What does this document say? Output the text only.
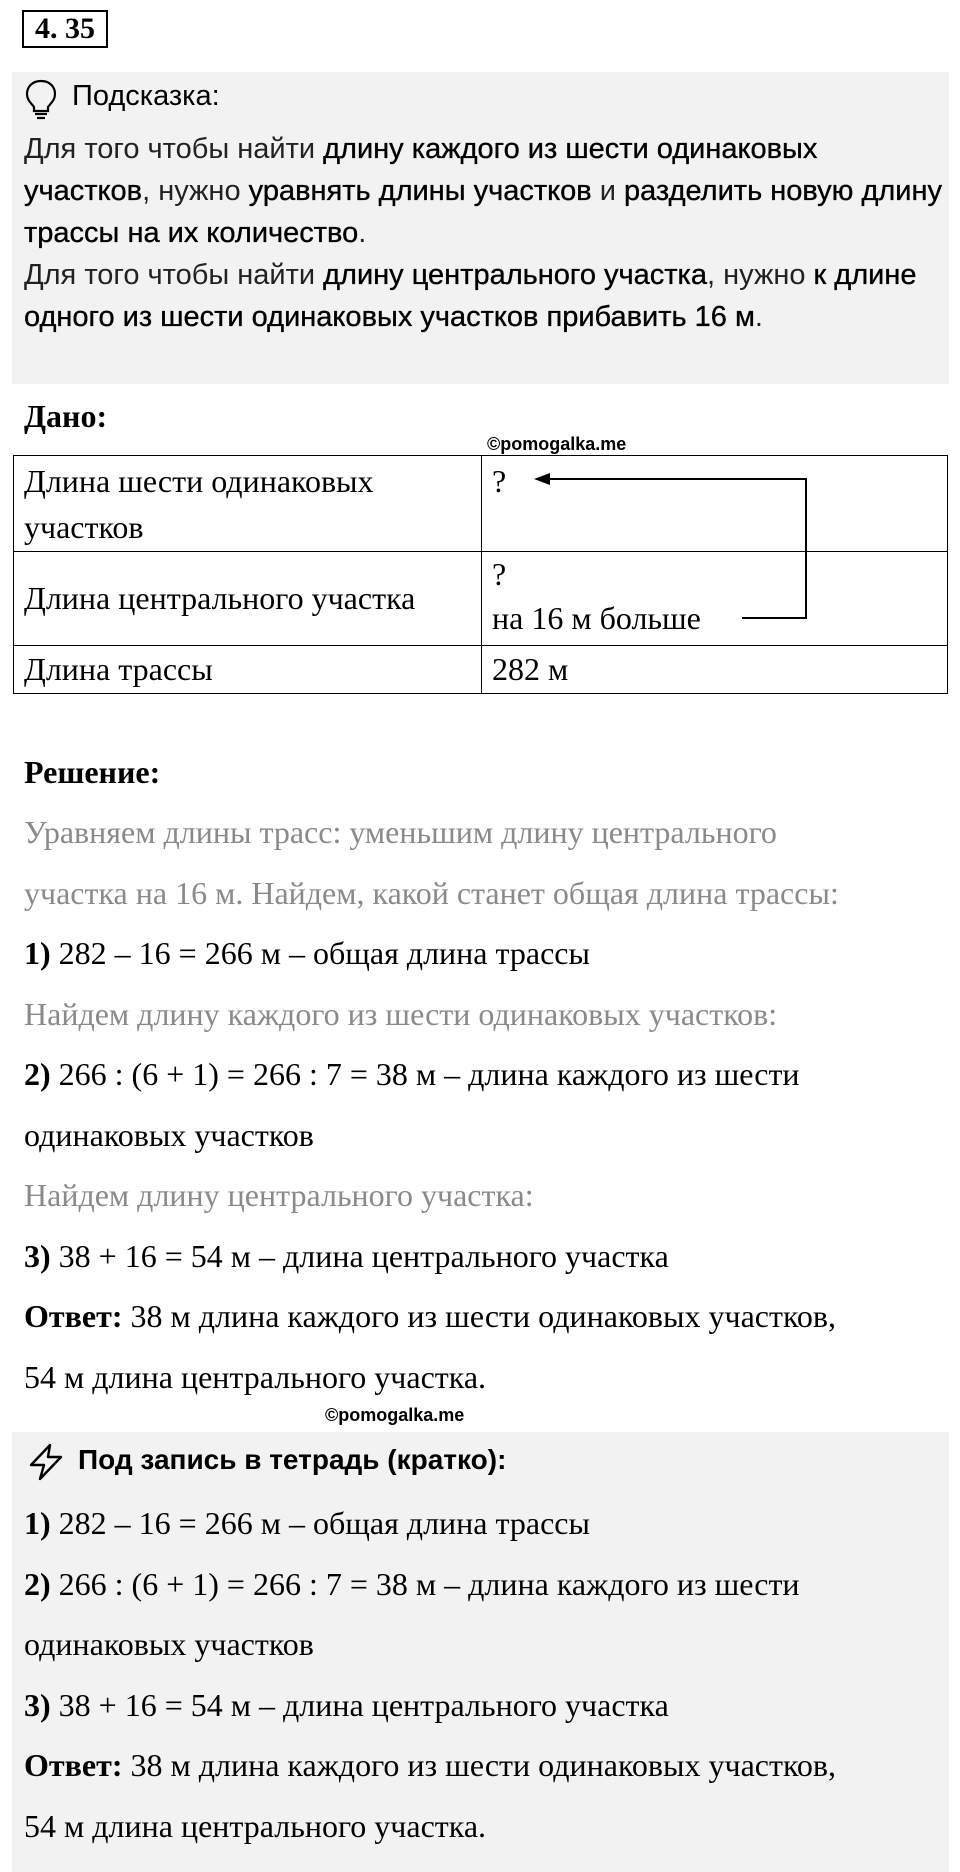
4. 35
Подсказка:
Для того чтобы найти длину каждого из шести одинаковых участков, нужно уравнять длины участков и разделить новую длину трассы на их количество.
Для того чтобы найти длину центрального участка, нужно к длине одного из шести одинаковых участков прибавить 16 м.
Дано:
©pomogalka.me
Длина шести одинаковых
участков	?
Длина центрального участка	?
на 16 м больше
Длина трассы	282 м
Решение:
Уравняем длины трасс: уменьшим длину центрального
участка на 16 м. Найдем, какой станет общая длина трассы:
1) 282 – 16 = 266 м – общая длина трассы
Найдем длину каждого из шести одинаковых участков:
2) 266 : (6 + 1) = 266 : 7 = 38 м – длина каждого из шести
одинаковых участков
Найдем длину центрального участка:
3) 38 + 16 = 54 м – длина центрального участка
Ответ: 38 м длина каждого из шести одинаковых участков,
54 м длина центрального участка.
©pomogalka.me
Под запись в тетрадь (кратко):
1) 282 – 16 = 266 м – общая длина трассы
2) 266 : (6 + 1) = 266 : 7 = 38 м – длина каждого из шести
одинаковых участков
3) 38 + 16 = 54 м – длина центрального участка
Ответ: 38 м длина каждого из шести одинаковых участков,
54 м длина центрального участка.
